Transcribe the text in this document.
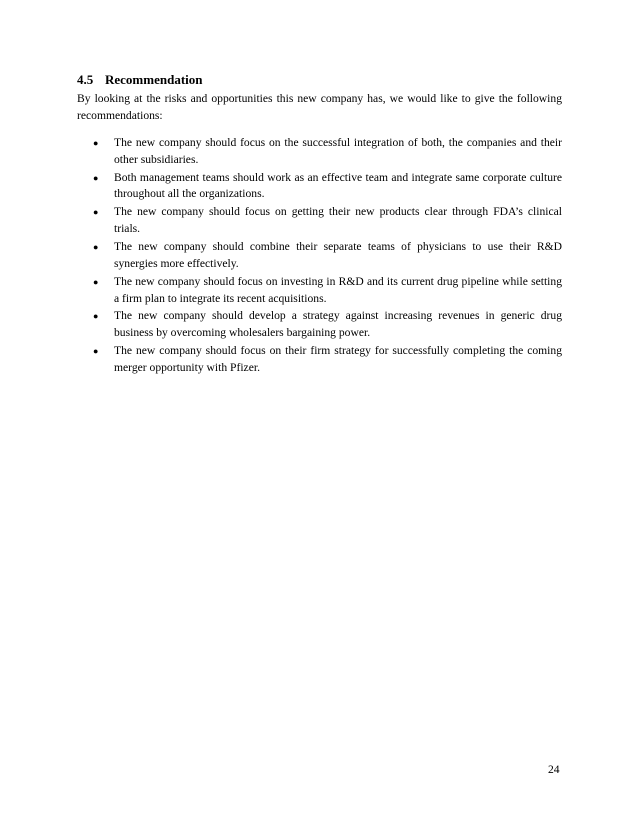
4.5 Recommendation

By looking at the risks and opportunities this new company has, we would like to give the following recommendations:

●	The new company should focus on the successful integration of both, the companies and their other subsidiaries.
●	Both management teams should work as an effective team and integrate same corporate culture throughout all the organizations.
●	The new company should focus on getting their new products clear through FDA’s clinical trials.
●	The new company should combine their separate teams of physicians to use their R&D synergies more effectively.
●	The new company should focus on investing in R&D and its current drug pipeline while setting a firm plan to integrate its recent acquisitions.
●	The new company should develop a strategy against increasing revenues in generic drug business by overcoming wholesalers bargaining power.
●	The new company should focus on their firm strategy for successfully completing the coming merger opportunity with Pfizer.
24
